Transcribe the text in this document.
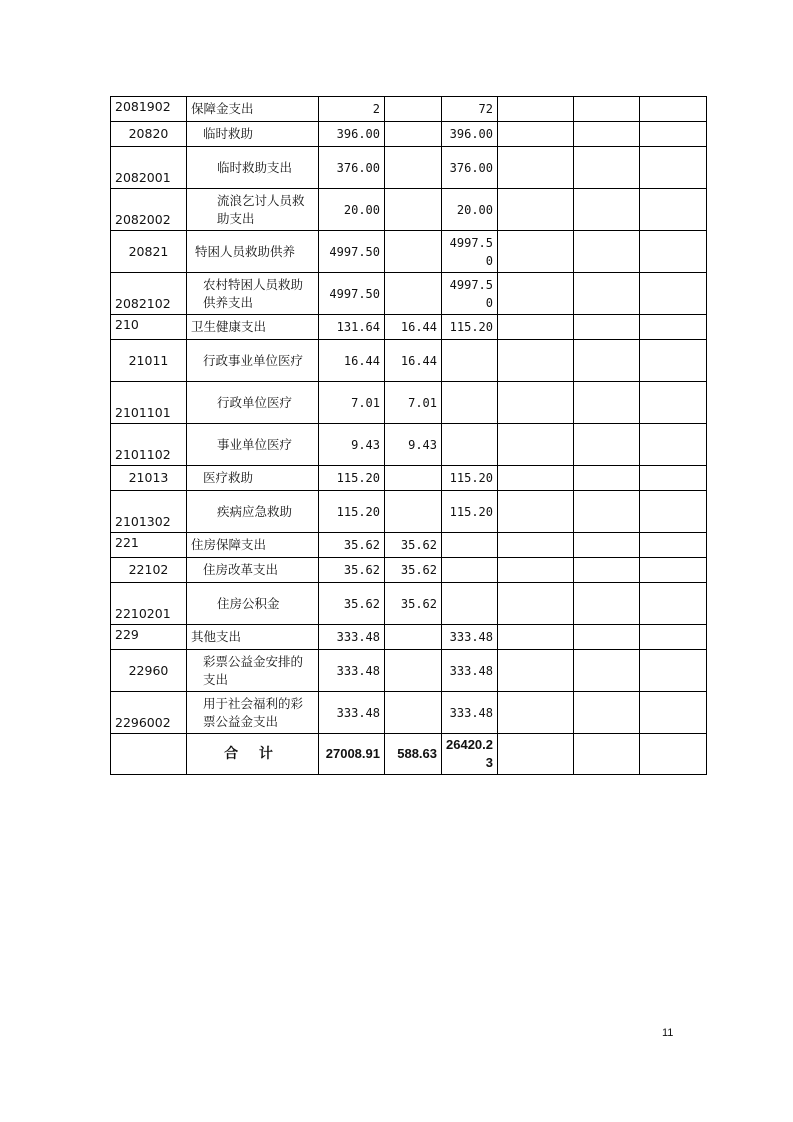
2081902	保障金支出	2		72			
20820	临时救助	396.00		396.00			
2082001	临时救助支出	376.00		376.00			
2082002	流浪乞讨人员救助支出	20.00		20.00			
20821	特困人员救助供养	4997.50		4997.50			
2082102	农村特困人员救助供养支出	4997.50		4997.50			
210	卫生健康支出	131.64	16.44	115.20			
21011	行政事业单位医疗	16.44	16.44				
2101101	行政单位医疗	7.01	7.01				
2101102	事业单位医疗	9.43	9.43				
21013	医疗救助	115.20		115.20			
2101302	疾病应急救助	115.20		115.20			
221	住房保障支出	35.62	35.62				
22102	住房改革支出	35.62	35.62				
2210201	住房公积金	35.62	35.62				
229	其他支出	333.48		333.48			
22960	彩票公益金安排的支出	333.48		333.48			
2296002	用于社会福利的彩票公益金支出	333.48		333.48			
	合 计	27008.91	588.63	26420.23			
11
